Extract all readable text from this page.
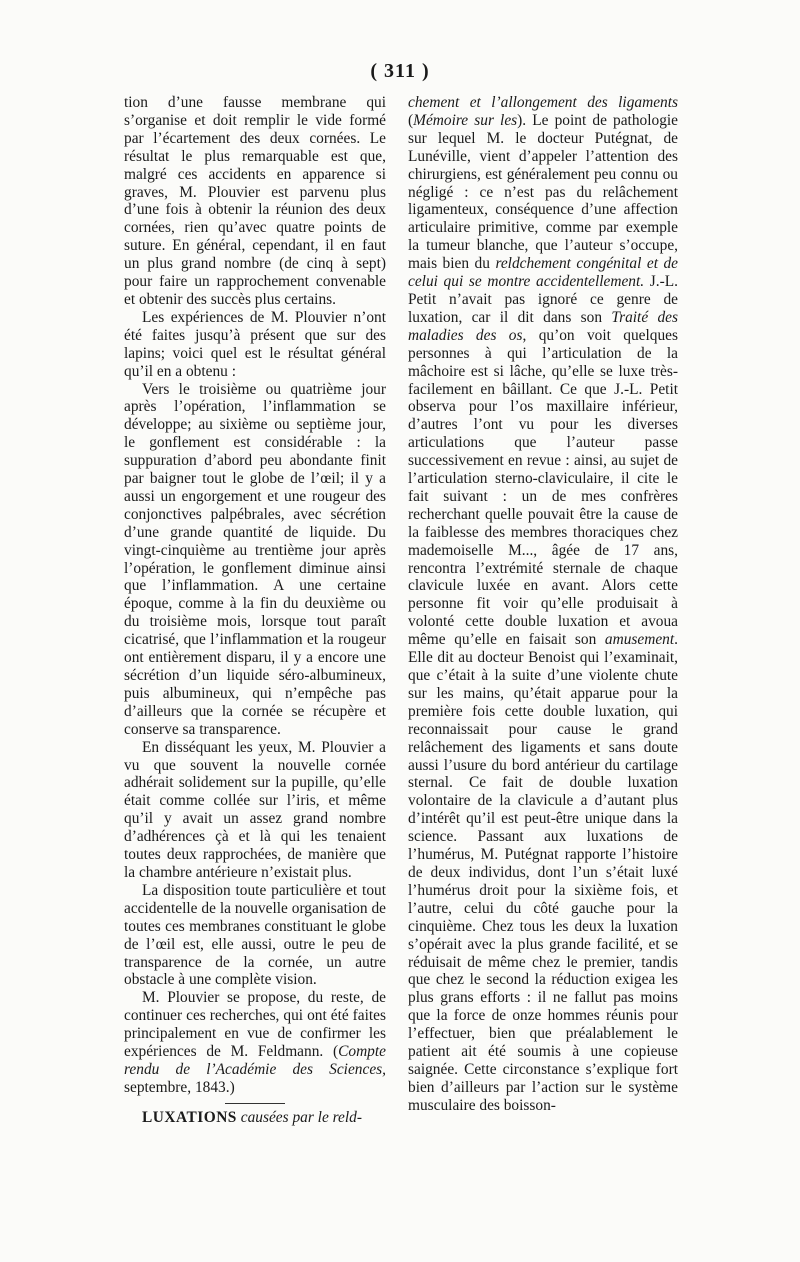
( 311 )

tion d’une fausse membrane qui s’organise et doit remplir le vide formé par l’écartement des deux cornées. Le résultat le plus remarquable est que, malgré ces accidents en apparence si graves, M. Plouvier est parvenu plus d’une fois à obtenir la réunion des deux cornées, rien qu’avec quatre points de suture. En général, cependant, il en faut un plus grand nombre (de cinq à sept) pour faire un rapprochement convenable et obtenir des succès plus certains.

Les expériences de M. Plouvier n’ont été faites jusqu’à présent que sur des lapins; voici quel est le résultat général qu’il en a obtenu :

Vers le troisième ou quatrième jour après l’opération, l’inflammation se développe; au sixième ou septième jour, le gonflement est considérable : la suppuration d’abord peu abondante finit par baigner tout le globe de l’œil; il y a aussi un engorgement et une rougeur des conjonctives palpébrales, avec sécrétion d’une grande quantité de liquide. Du vingt-cinquième au trentième jour après l’opération, le gonflement diminue ainsi que l’inflammation. A une certaine époque, comme à la fin du deuxième ou du troisième mois, lorsque tout paraît cicatrisé, que l’inflammation et la rougeur ont entièrement disparu, il y a encore une sécrétion d’un liquide séro-albumineux, puis albumineux, qui n’empêche pas d’ailleurs que la cornée se récupère et conserve sa transparence.

En disséquant les yeux, M. Plouvier a vu que souvent la nouvelle cornée adhérait solidement sur la pupille, qu’elle était comme collée sur l’iris, et même qu’il y avait un assez grand nombre d’adhérences çà et là qui les tenaient toutes deux rapprochées, de manière que la chambre antérieure n’existait plus.

La disposition toute particulière et tout accidentelle de la nouvelle organisation de toutes ces membranes constituant le globe de l’œil est, elle aussi, outre le peu de transparence de la cornée, un autre obstacle à une complète vision.

M. Plouvier se propose, du reste, de continuer ces recherches, qui ont été faites principalement en vue de confirmer les expériences de M. Feldmann. (Compte rendu de l’Académie des Sciences, septembre, 1843.)

LUXATIONS causées par le reld-

chement et l’allongement des ligaments (Mémoire sur les). Le point de pathologie sur lequel M. le docteur Putégnat, de Lunéville, vient d’appeler l’attention des chirurgiens, est généralement peu connu ou négligé : ce n’est pas du relâchement ligamenteux, conséquence d’une affection articulaire primitive, comme par exemple la tumeur blanche, que l’auteur s’occupe, mais bien du reldchement congénital et de celui qui se montre accidentellement. J.-L. Petit n’avait pas ignoré ce genre de luxation, car il dit dans son Traité des maladies des os, qu’on voit quelques personnes à qui l’articulation de la mâchoire est si lâche, qu’elle se luxe très-facilement en bâillant. Ce que J.-L. Petit observa pour l’os maxillaire inférieur, d’autres l’ont vu pour les diverses articulations que l’auteur passe successivement en revue : ainsi, au sujet de l’articulation sterno-claviculaire, il cite le fait suivant : un de mes confrères recherchant quelle pouvait être la cause de la faiblesse des membres thoraciques chez mademoiselle M..., âgée de 17 ans, rencontra l’extrémité sternale de chaque clavicule luxée en avant. Alors cette personne fit voir qu’elle produisait à volonté cette double luxation et avoua même qu’elle en faisait son amusement. Elle dit au docteur Benoist qui l’examinait, que c’était à la suite d’une violente chute sur les mains, qu’était apparue pour la première fois cette double luxation, qui reconnaissait pour cause le grand relâchement des ligaments et sans doute aussi l’usure du bord antérieur du cartilage sternal. Ce fait de double luxation volontaire de la clavicule a d’autant plus d’intérêt qu’il est peut-être unique dans la science. Passant aux luxations de l’humérus, M. Putégnat rapporte l’histoire de deux individus, dont l’un s’était luxé l’humérus droit pour la sixième fois, et l’autre, celui du côté gauche pour la cinquième. Chez tous les deux la luxation s’opérait avec la plus grande facilité, et se réduisait de même chez le premier, tandis que chez le second la réduction exigea les plus grans efforts : il ne fallut pas moins que la force de onze hommes réunis pour l’effectuer, bien que préalablement le patient ait été soumis à une copieuse saignée. Cette circonstance s’explique fort bien d’ailleurs par l’action sur le système musculaire des boisson-
